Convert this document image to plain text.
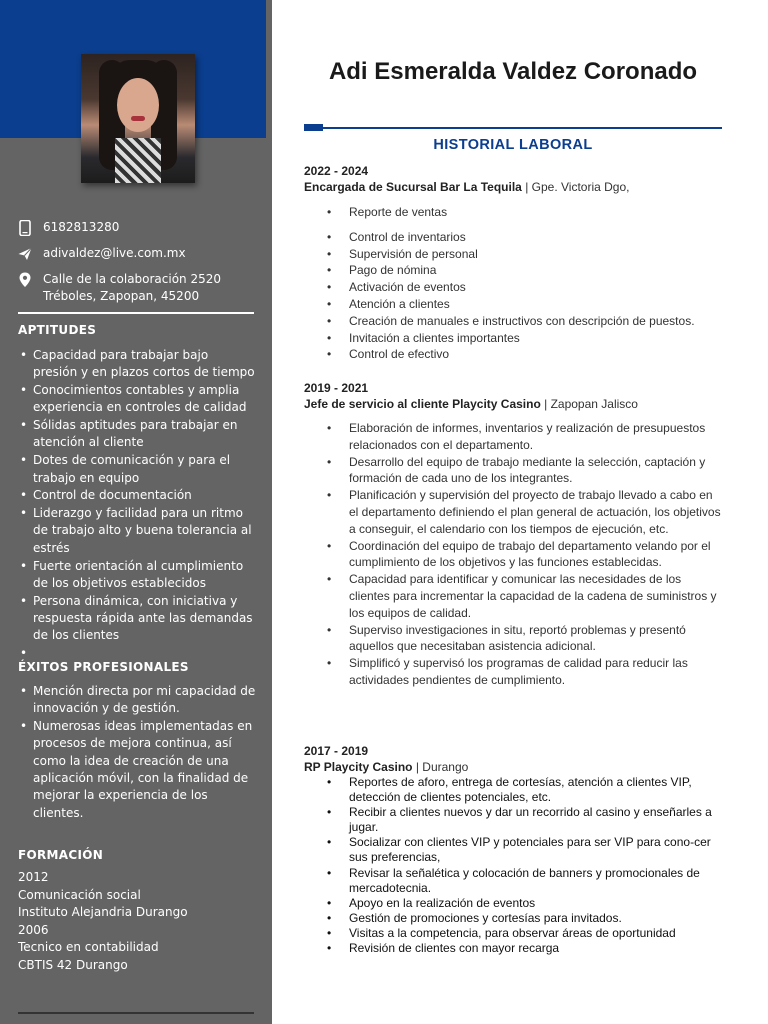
6182813280
adivaldez@live.com.mx
Calle de la colaboración 2520
Tréboles, Zapopan, 45200
APTITUDES
• Capacidad para trabajar bajo presión y en plazos cortos de tiempo
• Conocimientos contables y amplia experiencia en controles de calidad
• Sólidas aptitudes para trabajar en atención al cliente
• Dotes de comunicación y para el trabajo en equipo
• Control de documentación
• Liderazgo y facilidad para un ritmo de trabajo alto y buena tolerancia al estrés
• Fuerte orientación al cumplimiento de los objetivos establecidos
• Persona dinámica, con iniciativa y respuesta rápida ante las demandas de los clientes
•
ÉXITOS PROFESIONALES
• Mención directa por mi capacidad de innovación y de gestión.
• Numerosas ideas implementadas en procesos de mejora continua, así como la idea de creación de una aplicación móvil, con la finalidad de mejorar la experiencia de los clientes.
FORMACIÓN
2012
Comunicación social
Instituto Alejandria Durango
2006
Tecnico en contabilidad
CBTIS 42 Durango
Adi Esmeralda Valdez Coronado
HISTORIAL LABORAL
2022 - 2024
Encargada de Sucursal Bar La Tequila | Gpe. Victoria Dgo,
• Reporte de ventas
• Control de inventarios
• Supervisión de personal
• Pago de nómina
• Activación de eventos
• Atención a clientes
• Creación de manuales e instructivos con descripción de puestos.
• Invitación a clientes importantes
• Control de efectivo
2019 - 2021
Jefe de servicio al cliente Playcity Casino | Zapopan Jalisco
• Elaboración de informes, inventarios y realización de presupuestos relacionados con el departamento.
• Desarrollo del equipo de trabajo mediante la selección, captación y formación de cada uno de los integrantes.
• Planificación y supervisión del proyecto de trabajo llevado a cabo en el departamento definiendo el plan general de actuación, los objetivos a conseguir, el calendario con los tiempos de ejecución, etc.
• Coordinación del equipo de trabajo del departamento velando por el cumplimiento de los objetivos y las funciones establecidas.
• Capacidad para identificar y comunicar las necesidades de los clientes para incrementar la capacidad de la cadena de suministros y los equipos de calidad.
• Superviso investigaciones in situ, reportó problemas y presentó aquellos que necesitaban asistencia adicional.
• Simplificó y supervisó los programas de calidad para reducir las actividades pendientes de cumplimiento.
2017 - 2019
RP Playcity Casino | Durango
• Reportes de aforo, entrega de cortesías, atención a clientes VIP, detección de clientes potenciales, etc.
• Recibir a clientes nuevos y dar un recorrido al casino y enseñarles a jugar.
• Socializar con clientes VIP y potenciales para ser VIP para cono-cer sus preferencias,
• Revisar la señalética y colocación de banners y promocionales de mercadotecnia.
• Apoyo en la realización de eventos
• Gestión de promociones y cortesías para invitados.
• Visitas a la competencia, para observar áreas de oportunidad
• Revisión de clientes con mayor recarga
